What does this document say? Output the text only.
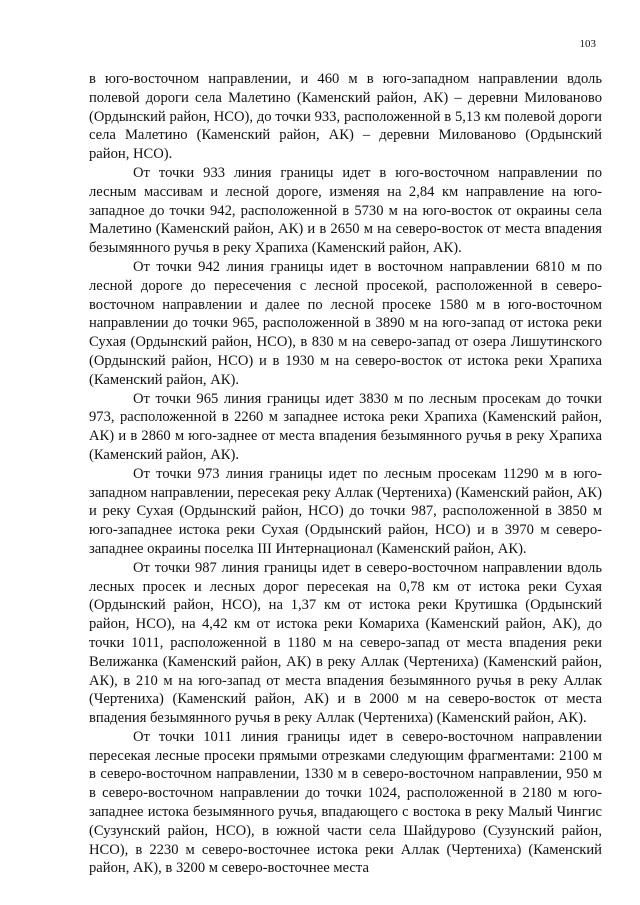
103

в юго-восточном направлении, и 460 м в юго-западном направлении вдоль полевой дороги села Малетино (Каменский район, АК) – деревни Милованово (Ордынский район, НСО), до точки 933, расположенной в 5,13 км полевой дороги села Малетино (Каменский район, АК) – деревни Милованово (Ордынский район, НСО).

От точки 933 линия границы идет в юго-восточном направлении по лесным массивам и лесной дороге, изменяя на 2,84 км направление на юго-западное до точки 942, расположенной в 5730 м на юго-восток от окраины села Малетино (Каменский район, АК) и в 2650 м на северо-восток от места впадения безымянного ручья в реку Храпиха (Каменский район, АК).

От точки 942 линия границы идет в восточном направлении 6810 м по лесной дороге до пересечения с лесной просекой, расположенной в северо-восточном направлении и далее по лесной просеке 1580 м в юго-восточном направлении до точки 965, расположенной в 3890 м на юго-запад от истока реки Сухая (Ордынский район, НСО), в 830 м на северо-запад от озера Лишутинского (Ордынский район, НСО) и в 1930 м на северо-восток от истока реки Храпиха (Каменский район, АК).

От точки 965 линия границы идет 3830 м по лесным просекам до точки 973, расположенной в 2260 м западнее истока реки Храпиха (Каменский район, АК) и в 2860 м юго-заднее от места впадения безымянного ручья в реку Храпиха (Каменский район, АК).

От точки 973 линия границы идет по лесным просекам 11290 м в юго-западном направлении, пересекая реку Аллак (Чертениха) (Каменский район, АК) и реку Сухая (Ордынский район, НСО) до точки 987, расположенной в 3850 м юго-западнее истока реки Сухая (Ордынский район, НСО) и в 3970 м северо-западнее окраины поселка III Интернационал (Каменский район, АК).

От точки 987 линия границы идет в северо-восточном направлении вдоль лесных просек и лесных дорог пересекая на 0,78 км от истока реки Сухая (Ордынский район, НСО), на 1,37 км от истока реки Крутишка (Ордынский район, НСО), на 4,42 км от истока реки Комариха (Каменский район, АК), до точки 1011, расположенной в 1180 м на северо-запад от места впадения реки Велижанка (Каменский район, АК) в реку Аллак (Чертениха) (Каменский район, АК), в 210 м на юго-запад от места впадения безымянного ручья в реку Аллак (Чертениха) (Каменский район, АК) и в 2000 м на северо-восток от места впадения безымянного ручья в реку Аллак (Чертениха) (Каменский район, АК).

От точки 1011 линия границы идет в северо-восточном направлении пересекая лесные просеки прямыми отрезками следующим фрагментами: 2100 м в северо-восточном направлении, 1330 м в северо-восточном направлении, 950 м в северо-восточном направлении до точки 1024, расположенной в 2180 м юго-западнее истока безымянного ручья, впадающего с востока в реку Малый Чингис (Сузунский район, НСО), в южной части села Шайдурово (Сузунский район, НСО), в 2230 м северо-восточнее истока реки Аллак (Чертениха) (Каменский район, АК), в 3200 м северо-восточнее места
